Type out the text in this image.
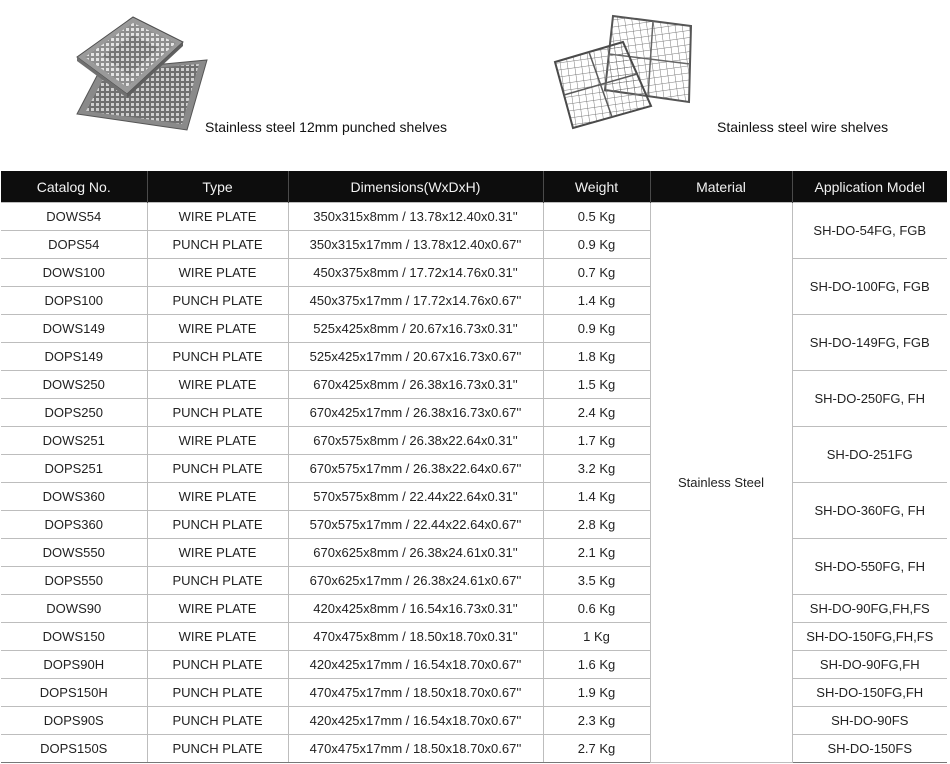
Stainless steel 12mm punched shelves	Stainless steel wire shelves
Catalog No.	Type	Dimensions(WxDxH)	Weight	Material	Application Model
DOWS54	WIRE PLATE	350x315x8mm / 13.78x12.40x0.31''	0.5 Kg	Stainless Steel	SH-DO-54FG, FGB
DOPS54	PUNCH PLATE	350x315x17mm / 13.78x12.40x0.67''	0.9 Kg		
DOWS100	WIRE PLATE	450x375x8mm / 17.72x14.76x0.31''	0.7 Kg		SH-DO-100FG, FGB
DOPS100	PUNCH PLATE	450x375x17mm / 17.72x14.76x0.67''	1.4 Kg		
DOWS149	WIRE PLATE	525x425x8mm / 20.67x16.73x0.31''	0.9 Kg		SH-DO-149FG, FGB
DOPS149	PUNCH PLATE	525x425x17mm / 20.67x16.73x0.67''	1.8 Kg		
DOWS250	WIRE PLATE	670x425x8mm / 26.38x16.73x0.31''	1.5 Kg		SH-DO-250FG, FH
DOPS250	PUNCH PLATE	670x425x17mm / 26.38x16.73x0.67''	2.4 Kg		
DOWS251	WIRE PLATE	670x575x8mm / 26.38x22.64x0.31''	1.7 Kg		SH-DO-251FG
DOPS251	PUNCH PLATE	670x575x17mm / 26.38x22.64x0.67''	3.2 Kg		
DOWS360	WIRE PLATE	570x575x8mm / 22.44x22.64x0.31''	1.4 Kg		SH-DO-360FG, FH
DOPS360	PUNCH PLATE	570x575x17mm / 22.44x22.64x0.67''	2.8 Kg		
DOWS550	WIRE PLATE	670x625x8mm / 26.38x24.61x0.31''	2.1 Kg		SH-DO-550FG, FH
DOPS550	PUNCH PLATE	670x625x17mm / 26.38x24.61x0.67''	3.5 Kg		
DOWS90	WIRE PLATE	420x425x8mm / 16.54x16.73x0.31''	0.6 Kg		SH-DO-90FG,FH,FS
DOWS150	WIRE PLATE	470x475x8mm / 18.50x18.70x0.31''	1 Kg		SH-DO-150FG,FH,FS
DOPS90H	PUNCH PLATE	420x425x17mm / 16.54x18.70x0.67''	1.6 Kg		SH-DO-90FG,FH
DOPS150H	PUNCH PLATE	470x475x17mm / 18.50x18.70x0.67''	1.9 Kg		SH-DO-150FG,FH
DOPS90S	PUNCH PLATE	420x425x17mm / 16.54x18.70x0.67''	2.3 Kg		SH-DO-90FS
DOPS150S	PUNCH PLATE	470x475x17mm / 18.50x18.70x0.67''	2.7 Kg		SH-DO-150FS
